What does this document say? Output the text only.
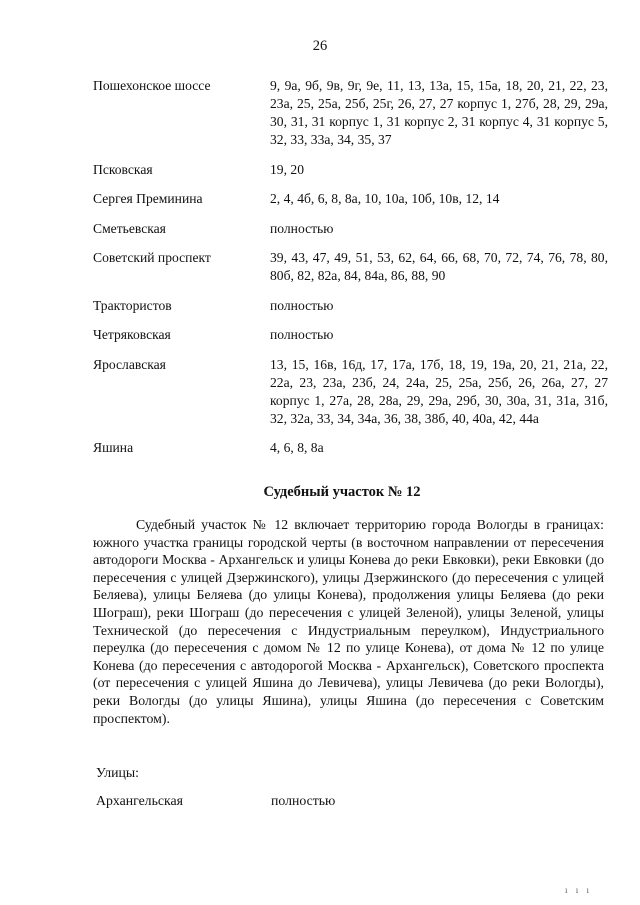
26
Пошехонское шоссе	9, 9а, 9б, 9в, 9г, 9е, 11, 13, 13а, 15, 15а, 18, 20, 21, 22, 23, 23а, 25, 25а, 25б, 25г, 26, 27, 27 корпус 1, 27б, 28, 29, 29а, 30, 31, 31 корпус 1, 31 корпус 2, 31 корпус 4, 31 корпус 5, 32, 33, 33а, 34, 35, 37
Псковская	19, 20
Сергея Преминина	2, 4, 4б, 6, 8, 8а, 10, 10а, 10б, 10в, 12, 14
Сметьевская	полностью
Советский проспект	39, 43, 47, 49, 51, 53, 62, 64, 66, 68, 70, 72, 74, 76, 78, 80, 80б, 82, 82а, 84, 84а, 86, 88, 90
Трактористов	полностью
Четряковская	полностью
Ярославская	13, 15, 16в, 16д, 17, 17а, 17б, 18, 19, 19а, 20, 21, 21а, 22, 22а, 23, 23а, 23б, 24, 24а, 25, 25а, 25б, 26, 26а, 27, 27 корпус 1, 27а, 28, 28а, 29, 29а, 29б, 30, 30а, 31, 31а, 31б, 32, 32а, 33, 34, 34а, 36, 38, 38б, 40, 40а, 42, 44а
Яшина	4, 6, 8, 8а
Судебный участок № 12
Судебный участок № 12 включает территорию города Вологды в границах: южного участка границы городской черты (в восточном направлении от пересечения автодороги Москва - Архангельск и улицы Конева до реки Евковки), реки Евковки (до пересечения с улицей Дзержинского), улицы Дзержинского (до пересечения с улицей Беляева), улицы Беляева (до улицы Конева), продолжения улицы Беляева (до реки Шограш), реки Шограш (до пересечения с улицей Зеленой), улицы Зеленой, улицы Технической (до пересечения с Индустриальным переулком), Индустриального переулка (до пересечения с домом № 12 по улице Конева), от дома № 12 по улице Конева (до пересечения с автодорогой Москва - Архангельск), Советского проспекта (от пересечения с улицей Яшина до Левичева), улицы Левичева (до реки Вологды), реки Вологды (до улицы Яшина), улицы Яшина (до пересечения с Советским проспектом).
Улицы:
Архангельская	полностью
ı ı ı
